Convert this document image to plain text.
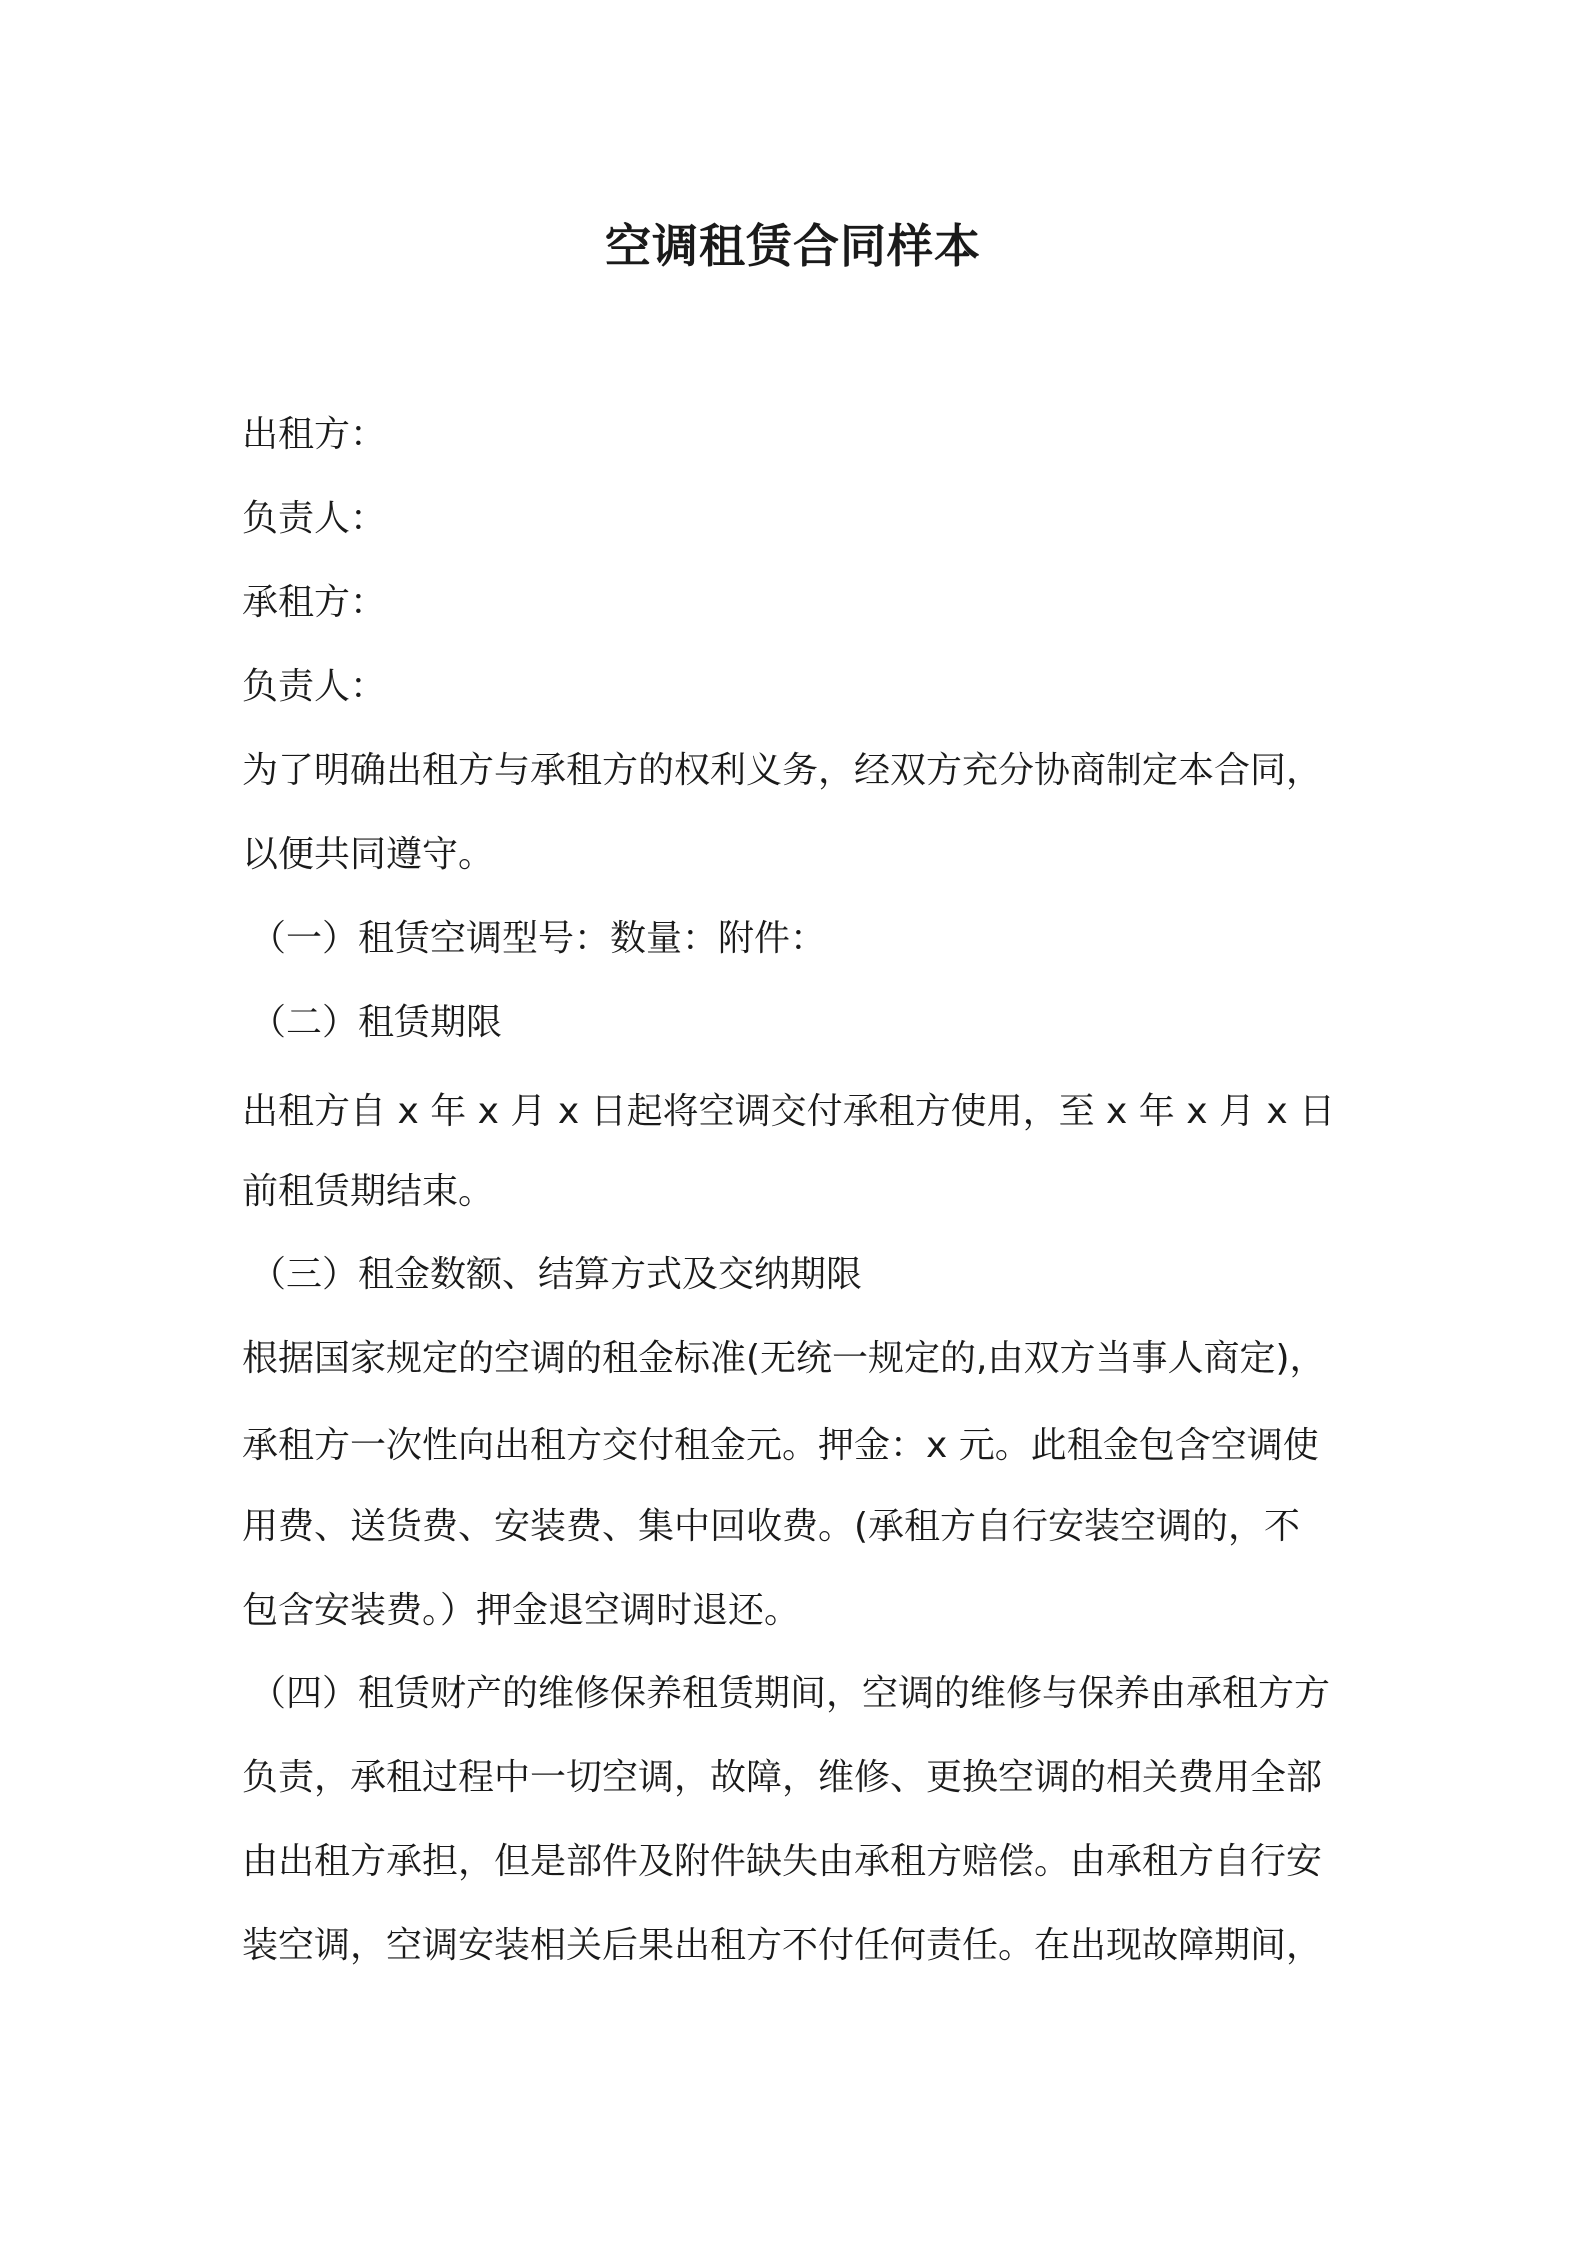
空调租赁合同样本

出租方：

负责人：

承租方：

负责人：

为了明确出租方与承租方的权利义务，经双方充分协商制定本合同，

以便共同遵守。

（一）租赁空调型号：数量：附件：

（二）租赁期限

出租方自 x 年 x 月 x 日起将空调交付承租方使用，至 x 年 x 月 x 日

前租赁期结束。

（三）租金数额、结算方式及交纳期限

根据国家规定的空调的租金标准(无统一规定的,由双方当事人商定)，

承租方一次性向出租方交付租金元。押金：x 元。此租金包含空调使

用费、送货费、安装费、集中回收费。(承租方自行安装空调的，不

包含安装费。）押金退空调时退还。

（四）租赁财产的维修保养租赁期间，空调的维修与保养由承租方方

负责，承租过程中一切空调，故障，维修、更换空调的相关费用全部

由出租方承担，但是部件及附件缺失由承租方赔偿。由承租方自行安

装空调，空调安装相关后果出租方不付任何责任。在出现故障期间，
